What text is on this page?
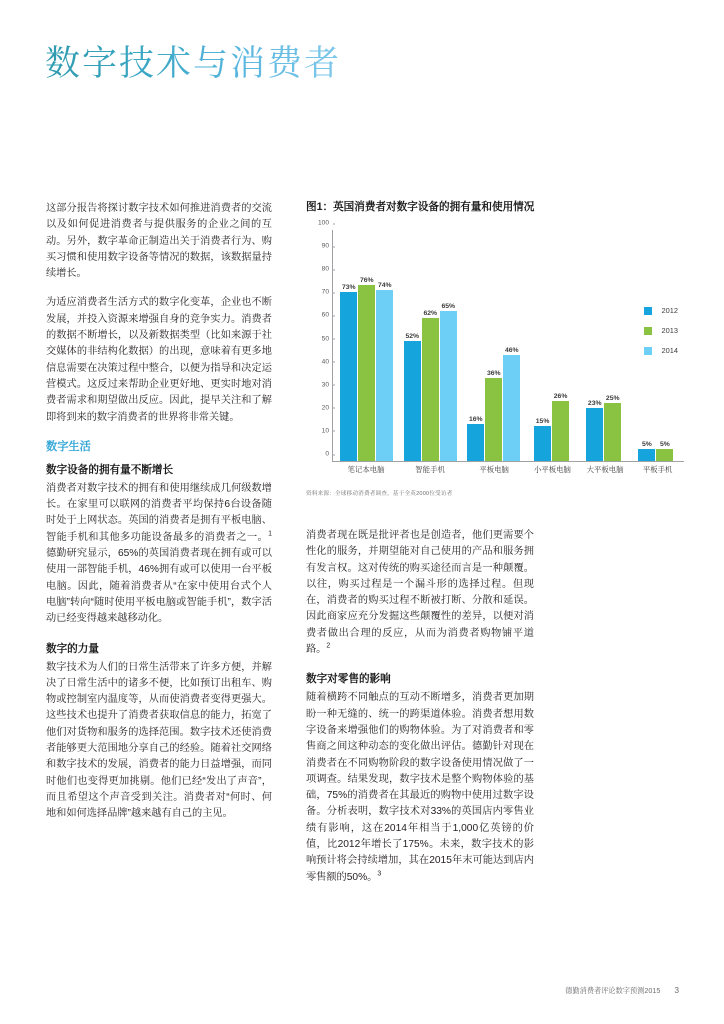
数字技术与消费者

这部分报告将探讨数字技术如何推进消费者的交流以及如何促进消费者与提供服务的企业之间的互动。另外，数字革命正制造出关于消费者行为、购买习惯和使用数字设备等情况的数据，该数据量持续增长。

为适应消费者生活方式的数字化变革，企业也不断发展，并投入资源来增强自身的竞争实力。消费者的数据不断增长，以及新数据类型（比如来源于社交媒体的非结构化数据）的出现，意味着有更多地信息需要在决策过程中整合，以便为指导和决定运营模式。这反过来帮助企业更好地、更实时地对消费者需求和期望做出反应。因此，提早关注和了解即将到来的数字消费者的世界将非常关键。

数字生活
数字设备的拥有量不断增长

消费者对数字技术的拥有和使用继续成几何级数增长。在家里可以联网的消费者平均保持6台设备随时处于上网状态。英国的消费者是拥有平板电脑、智能手机和其他多功能设备最多的消费者之一。$^1$德勤研究显示，65%的英国消费者现在拥有或可以使用一部智能手机，46%拥有或可以使用一台平板电脑。因此，随着消费者从“在家中使用台式个人电脑”转向“随时使用平板电脑或智能手机”，数字活动已经变得越来越移动化。

数字的力量

数字技术为人们的日常生活带来了许多方便，并解决了日常生活中的诸多不便，比如预订出租车、购物或控制室内温度等，从而使消费者变得更强大。这些技术也提升了消费者获取信息的能力，拓宽了他们对货物和服务的选择范围。数字技术还使消费者能够更大范围地分享自己的经验。随着社交网络和数字技术的发展，消费者的能力日益增强，而同时他们也变得更加挑剔。他们已经“发出了声音”，而且希望这个声音受到关注。消费者对“何时、何地和如何选择品牌”越来越有自己的主见。

图1：英国消费者对数字设备的拥有量和使用情况
0
10
20
30
40
50
60
70
80
90
100
73%
76%
74%
52%
62%
65%
16%
36%
46%
15%
26%
23%
25%
5% 5%
笔记本电脑	智能手机	平板电脑	小平板电脑	大平板电脑	平板手机
2012
2013
2014
资料来源：全球移动消费者调查，基于全英2000位受访者

消费者现在既是批评者也是创造者，他们更需要个性化的服务，并期望能对自己使用的产品和服务拥有发言权。这对传统的购买途径而言是一种颠覆。以往，购买过程是一个漏斗形的选择过程。但现在，消费者的购买过程不断被打断、分散和延误。因此商家应充分发掘这些颠覆性的差异，以便对消费者做出合理的反应，从而为消费者购物铺平道路。$^2$

数字对零售的影响

随着横跨不同触点的互动不断增多，消费者更加期盼一种无缝的、统一的跨渠道体验。消费者想用数字设备来增强他们的购物体验。为了对消费者和零售商之间这种动态的变化做出评估。德勤针对现在消费者在不同购物阶段的数字设备使用情况做了一项调查。结果发现，数字技术是整个购物体验的基础，75%的消费者在其最近的购物中使用过数字设备。分析表明，数字技术对33%的英国店内零售业绩有影响，这在2014年相当于1,000亿英镑的价值，比2012年增长了175%。未来，数字技术的影响预计将会持续增加，其在2015年末可能达到店内零售额的50%。$^3$

德勤消费者评论数字预测2015 3
